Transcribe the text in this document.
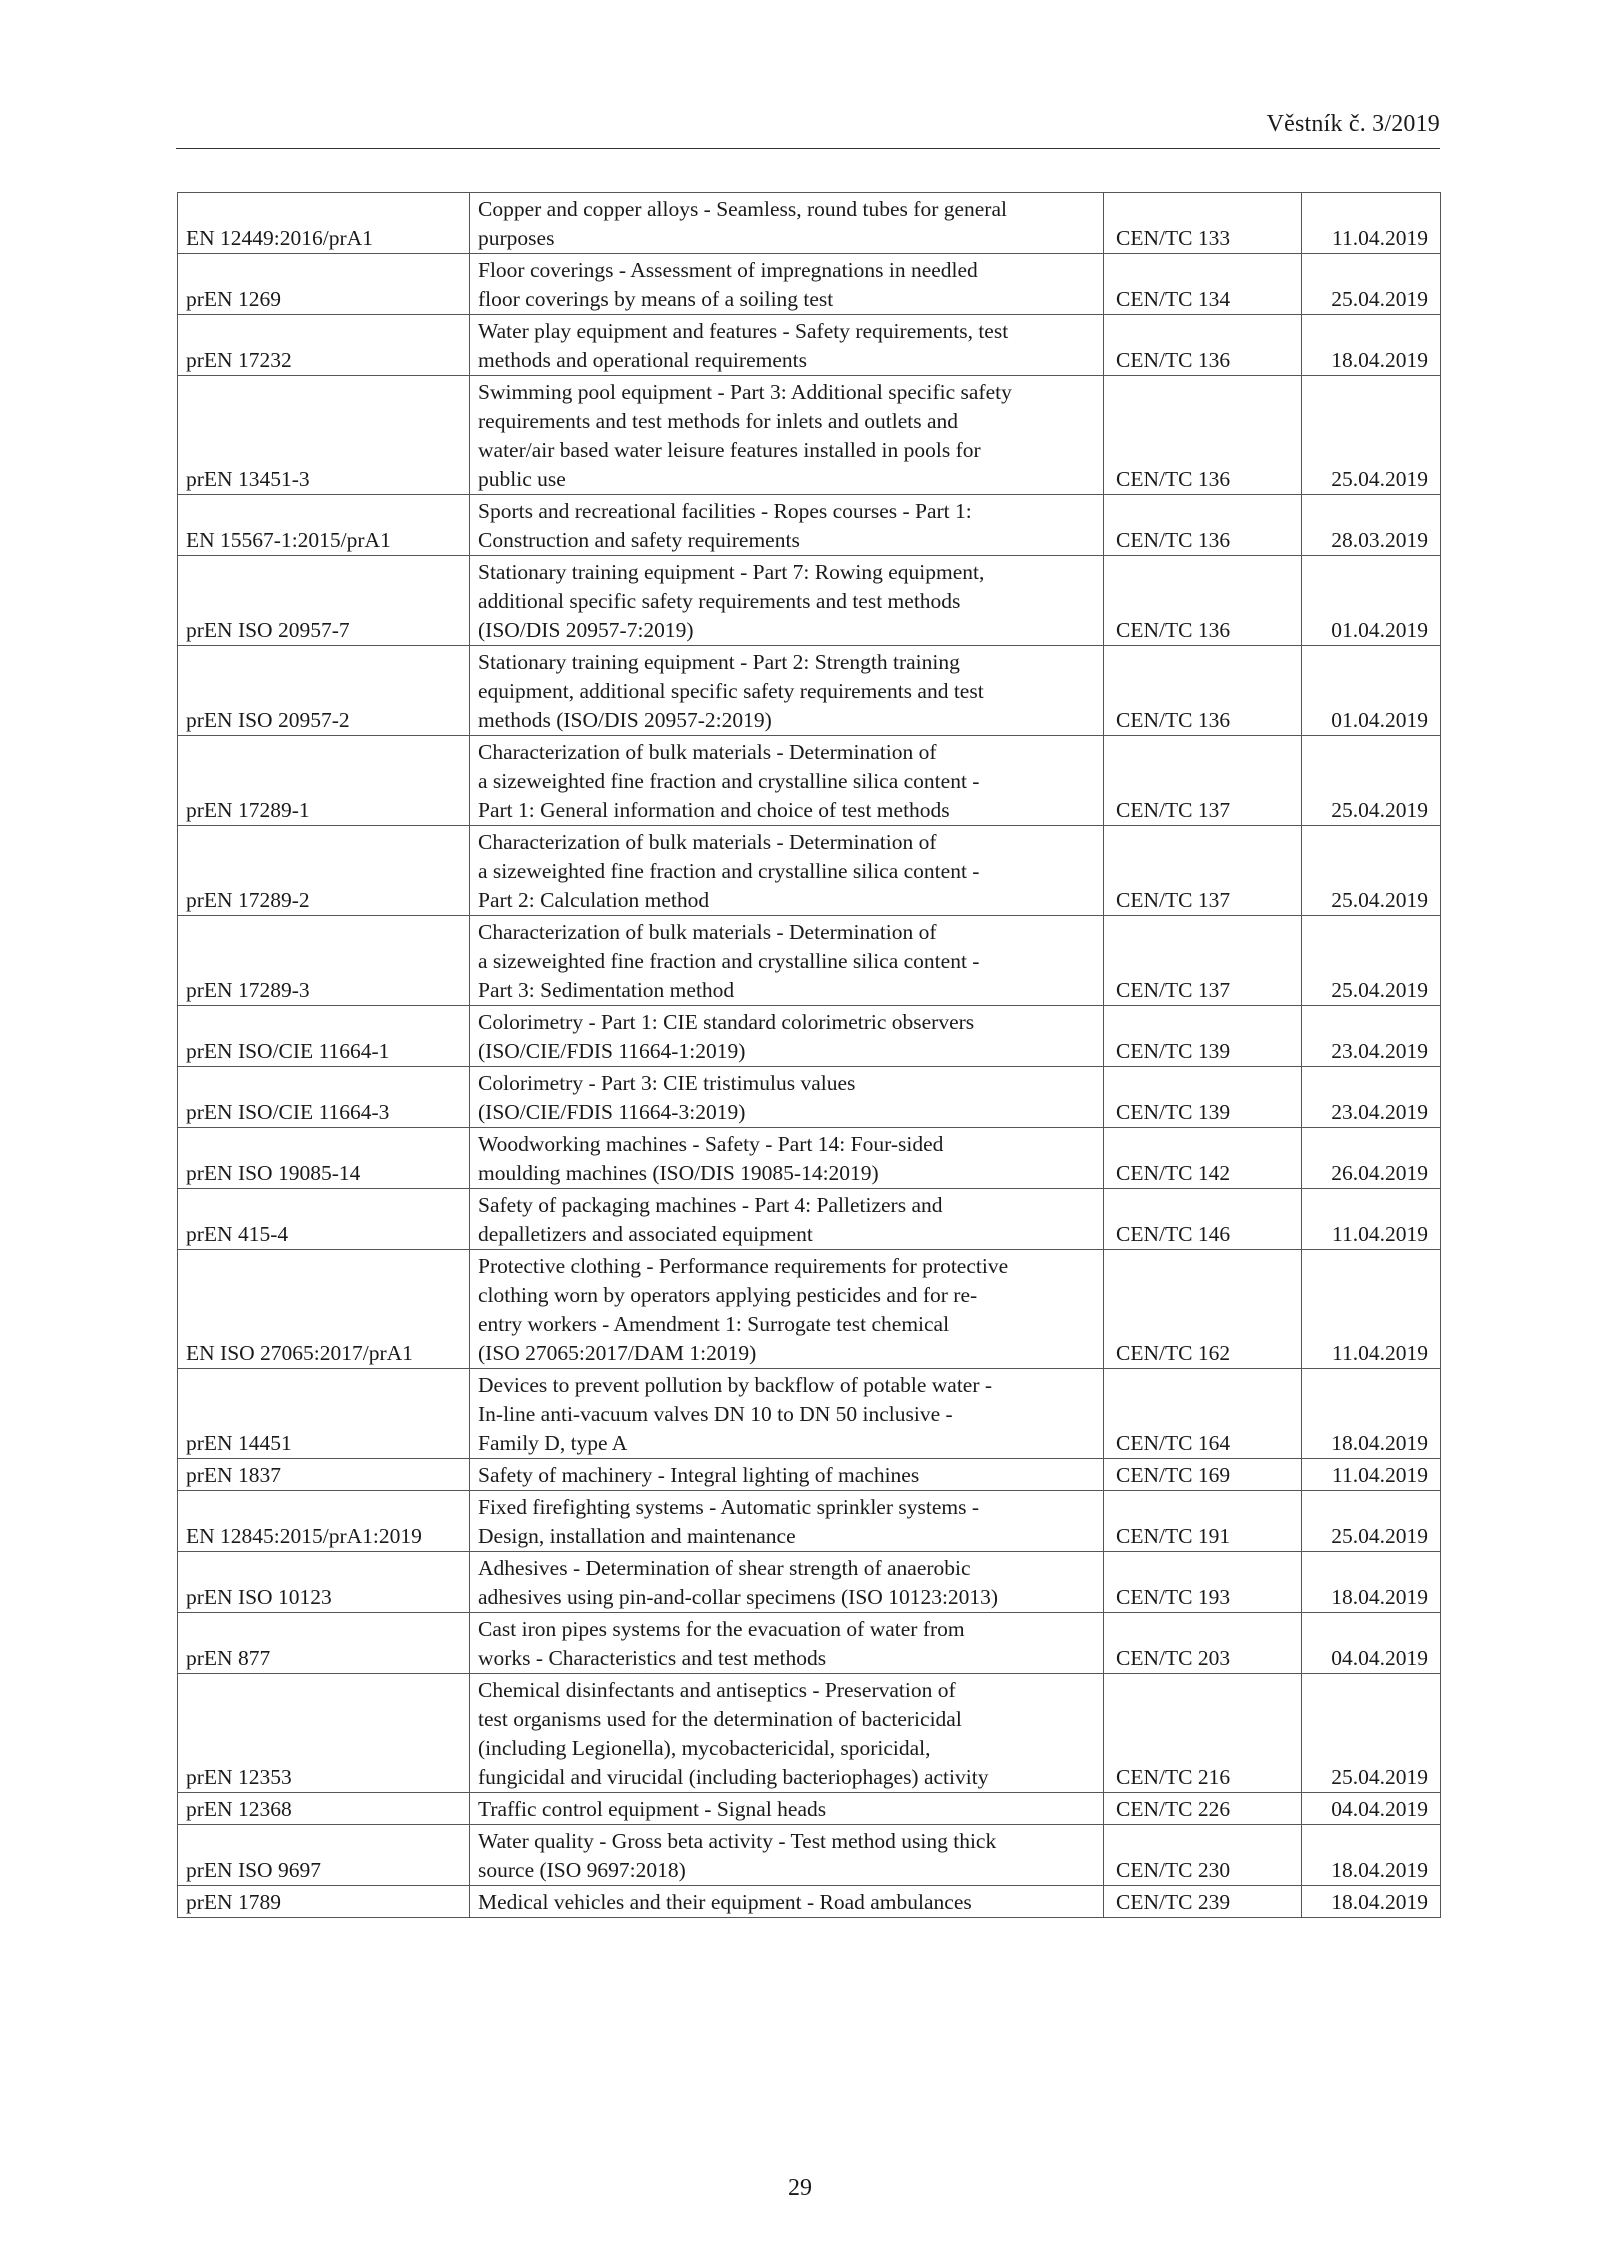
Věstník č. 3/2019
EN 12449:2016/prA1	Copper and copper alloys - Seamless, round tubes for general
purposes	CEN/TC 133	11.04.2019
prEN 1269	Floor coverings - Assessment of impregnations in needled
floor coverings by means of a soiling test	CEN/TC 134	25.04.2019
prEN 17232	Water play equipment and features - Safety requirements, test
methods and operational requirements	CEN/TC 136	18.04.2019
prEN 13451-3	Swimming pool equipment - Part 3: Additional specific safety
requirements and test methods for inlets and outlets and
water/air based water leisure features installed in pools for
public use	CEN/TC 136	25.04.2019
EN 15567-1:2015/prA1	Sports and recreational facilities - Ropes courses - Part 1:
Construction and safety requirements	CEN/TC 136	28.03.2019
prEN ISO 20957-7	Stationary training equipment - Part 7: Rowing equipment,
additional specific safety requirements and test methods
(ISO/DIS 20957-7:2019)	CEN/TC 136	01.04.2019
prEN ISO 20957-2	Stationary training equipment - Part 2: Strength training
equipment, additional specific safety requirements and test
methods (ISO/DIS 20957-2:2019)	CEN/TC 136	01.04.2019
prEN 17289-1	Characterization of bulk materials - Determination of
a sizeweighted fine fraction and crystalline silica content -
Part 1: General information and choice of test methods	CEN/TC 137	25.04.2019
prEN 17289-2	Characterization of bulk materials - Determination of
a sizeweighted fine fraction and crystalline silica content -
Part 2: Calculation method	CEN/TC 137	25.04.2019
prEN 17289-3	Characterization of bulk materials - Determination of
a sizeweighted fine fraction and crystalline silica content -
Part 3: Sedimentation method	CEN/TC 137	25.04.2019
prEN ISO/CIE 11664-1	Colorimetry - Part 1: CIE standard colorimetric observers
(ISO/CIE/FDIS 11664-1:2019)	CEN/TC 139	23.04.2019
prEN ISO/CIE 11664-3	Colorimetry - Part 3: CIE tristimulus values
(ISO/CIE/FDIS 11664-3:2019)	CEN/TC 139	23.04.2019
prEN ISO 19085-14	Woodworking machines - Safety - Part 14: Four-sided
moulding machines (ISO/DIS 19085-14:2019)	CEN/TC 142	26.04.2019
prEN 415-4	Safety of packaging machines - Part 4: Palletizers and
depalletizers and associated equipment	CEN/TC 146	11.04.2019
EN ISO 27065:2017/prA1	Protective clothing - Performance requirements for protective
clothing worn by operators applying pesticides and for re-
entry workers - Amendment 1: Surrogate test chemical
(ISO 27065:2017/DAM 1:2019)	CEN/TC 162	11.04.2019
prEN 14451	Devices to prevent pollution by backflow of potable water -
In-line anti-vacuum valves DN 10 to DN 50 inclusive -
Family D, type A	CEN/TC 164	18.04.2019
prEN 1837	Safety of machinery - Integral lighting of machines	CEN/TC 169	11.04.2019
EN 12845:2015/prA1:2019	Fixed firefighting systems - Automatic sprinkler systems -
Design, installation and maintenance	CEN/TC 191	25.04.2019
prEN ISO 10123	Adhesives - Determination of shear strength of anaerobic
adhesives using pin-and-collar specimens (ISO 10123:2013)	CEN/TC 193	18.04.2019
prEN 877	Cast iron pipes systems for the evacuation of water from
works - Characteristics and test methods	CEN/TC 203	04.04.2019
prEN 12353	Chemical disinfectants and antiseptics - Preservation of
test organisms used for the determination of bactericidal
(including Legionella), mycobactericidal, sporicidal,
fungicidal and virucidal (including bacteriophages) activity	CEN/TC 216	25.04.2019
prEN 12368	Traffic control equipment - Signal heads	CEN/TC 226	04.04.2019
prEN ISO 9697	Water quality - Gross beta activity - Test method using thick
source (ISO 9697:2018)	CEN/TC 230	18.04.2019
prEN 1789	Medical vehicles and their equipment - Road ambulances	CEN/TC 239	18.04.2019
29
